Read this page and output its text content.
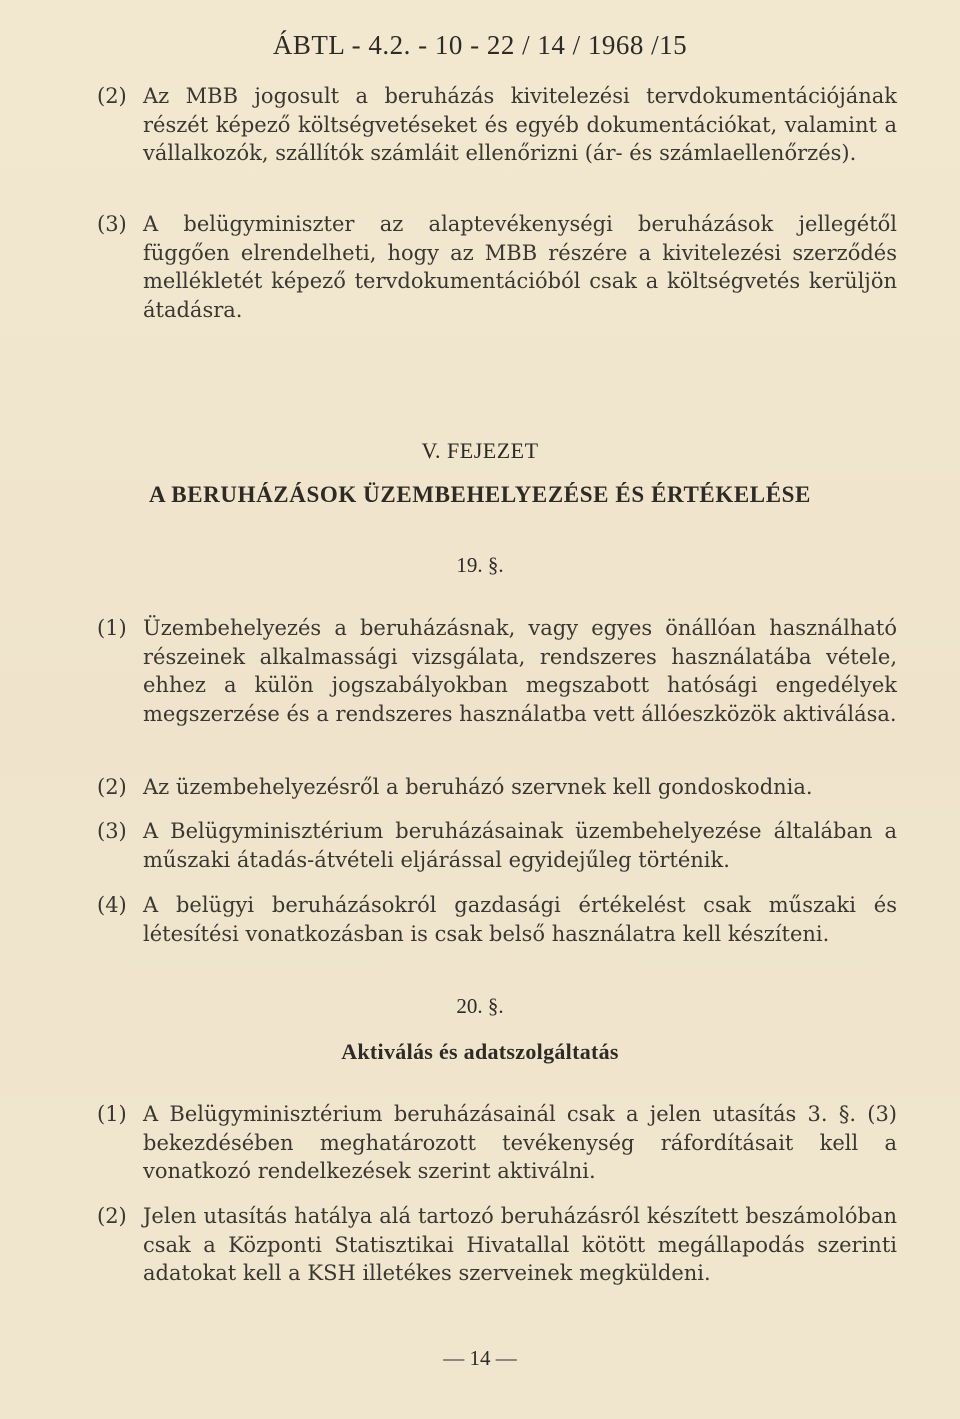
ÁBTL - 4.2. - 10 - 22 / 14 / 1968 /15
(2) Az MBB jogosult a beruházás kivitelezési tervdokumentációjának részét képező költségvetéseket és egyéb dokumentációkat, valamint a vállalkozók, szállítók számláit ellenőrizni (ár- és számlaellenőrzés).
(3) A belügyminiszter az alaptevékenységi beruházások jellegétől függően elrendelheti, hogy az MBB részére a kivitelezési szerződés mellékletét képező tervdokumentációból csak a költségvetés kerüljön átadásra.
V. FEJEZET
A BERUHÁZÁSOK ÜZEMBEHELYEZÉSE ÉS ÉRTÉKELÉSE
19. §.
(1) Üzembehelyezés a beruházásnak, vagy egyes önállóan használható részeinek alkalmassági vizsgálata, rendszeres használatába vétele, ehhez a külön jogszabályokban megszabott hatósági engedélyek megszerzése és a rendszeres használatba vett állóeszközök aktiválása.
(2) Az üzembehelyezésről a beruházó szervnek kell gondoskodnia.
(3) A Belügyminisztérium beruházásainak üzembehelyezése általában a műszaki átadás-átvételi eljárással egyidejűleg történik.
(4) A belügyi beruházásokról gazdasági értékelést csak műszaki és létesítési vonatkozásban is csak belső használatra kell készíteni.
20. §.
Aktiválás és adatszolgáltatás
(1) A Belügyminisztérium beruházásainál csak a jelen utasítás 3. §. (3) bekezdésében meghatározott tevékenység ráfordításait kell a vonatkozó rendelkezések szerint aktiválni.
(2) Jelen utasítás hatálya alá tartozó beruházásról készített beszámolóban csak a Központi Statisztikai Hivatallal kötött megállapodás szerinti adatokat kell a KSH illetékes szerveinek megküldeni.
— 14 —
